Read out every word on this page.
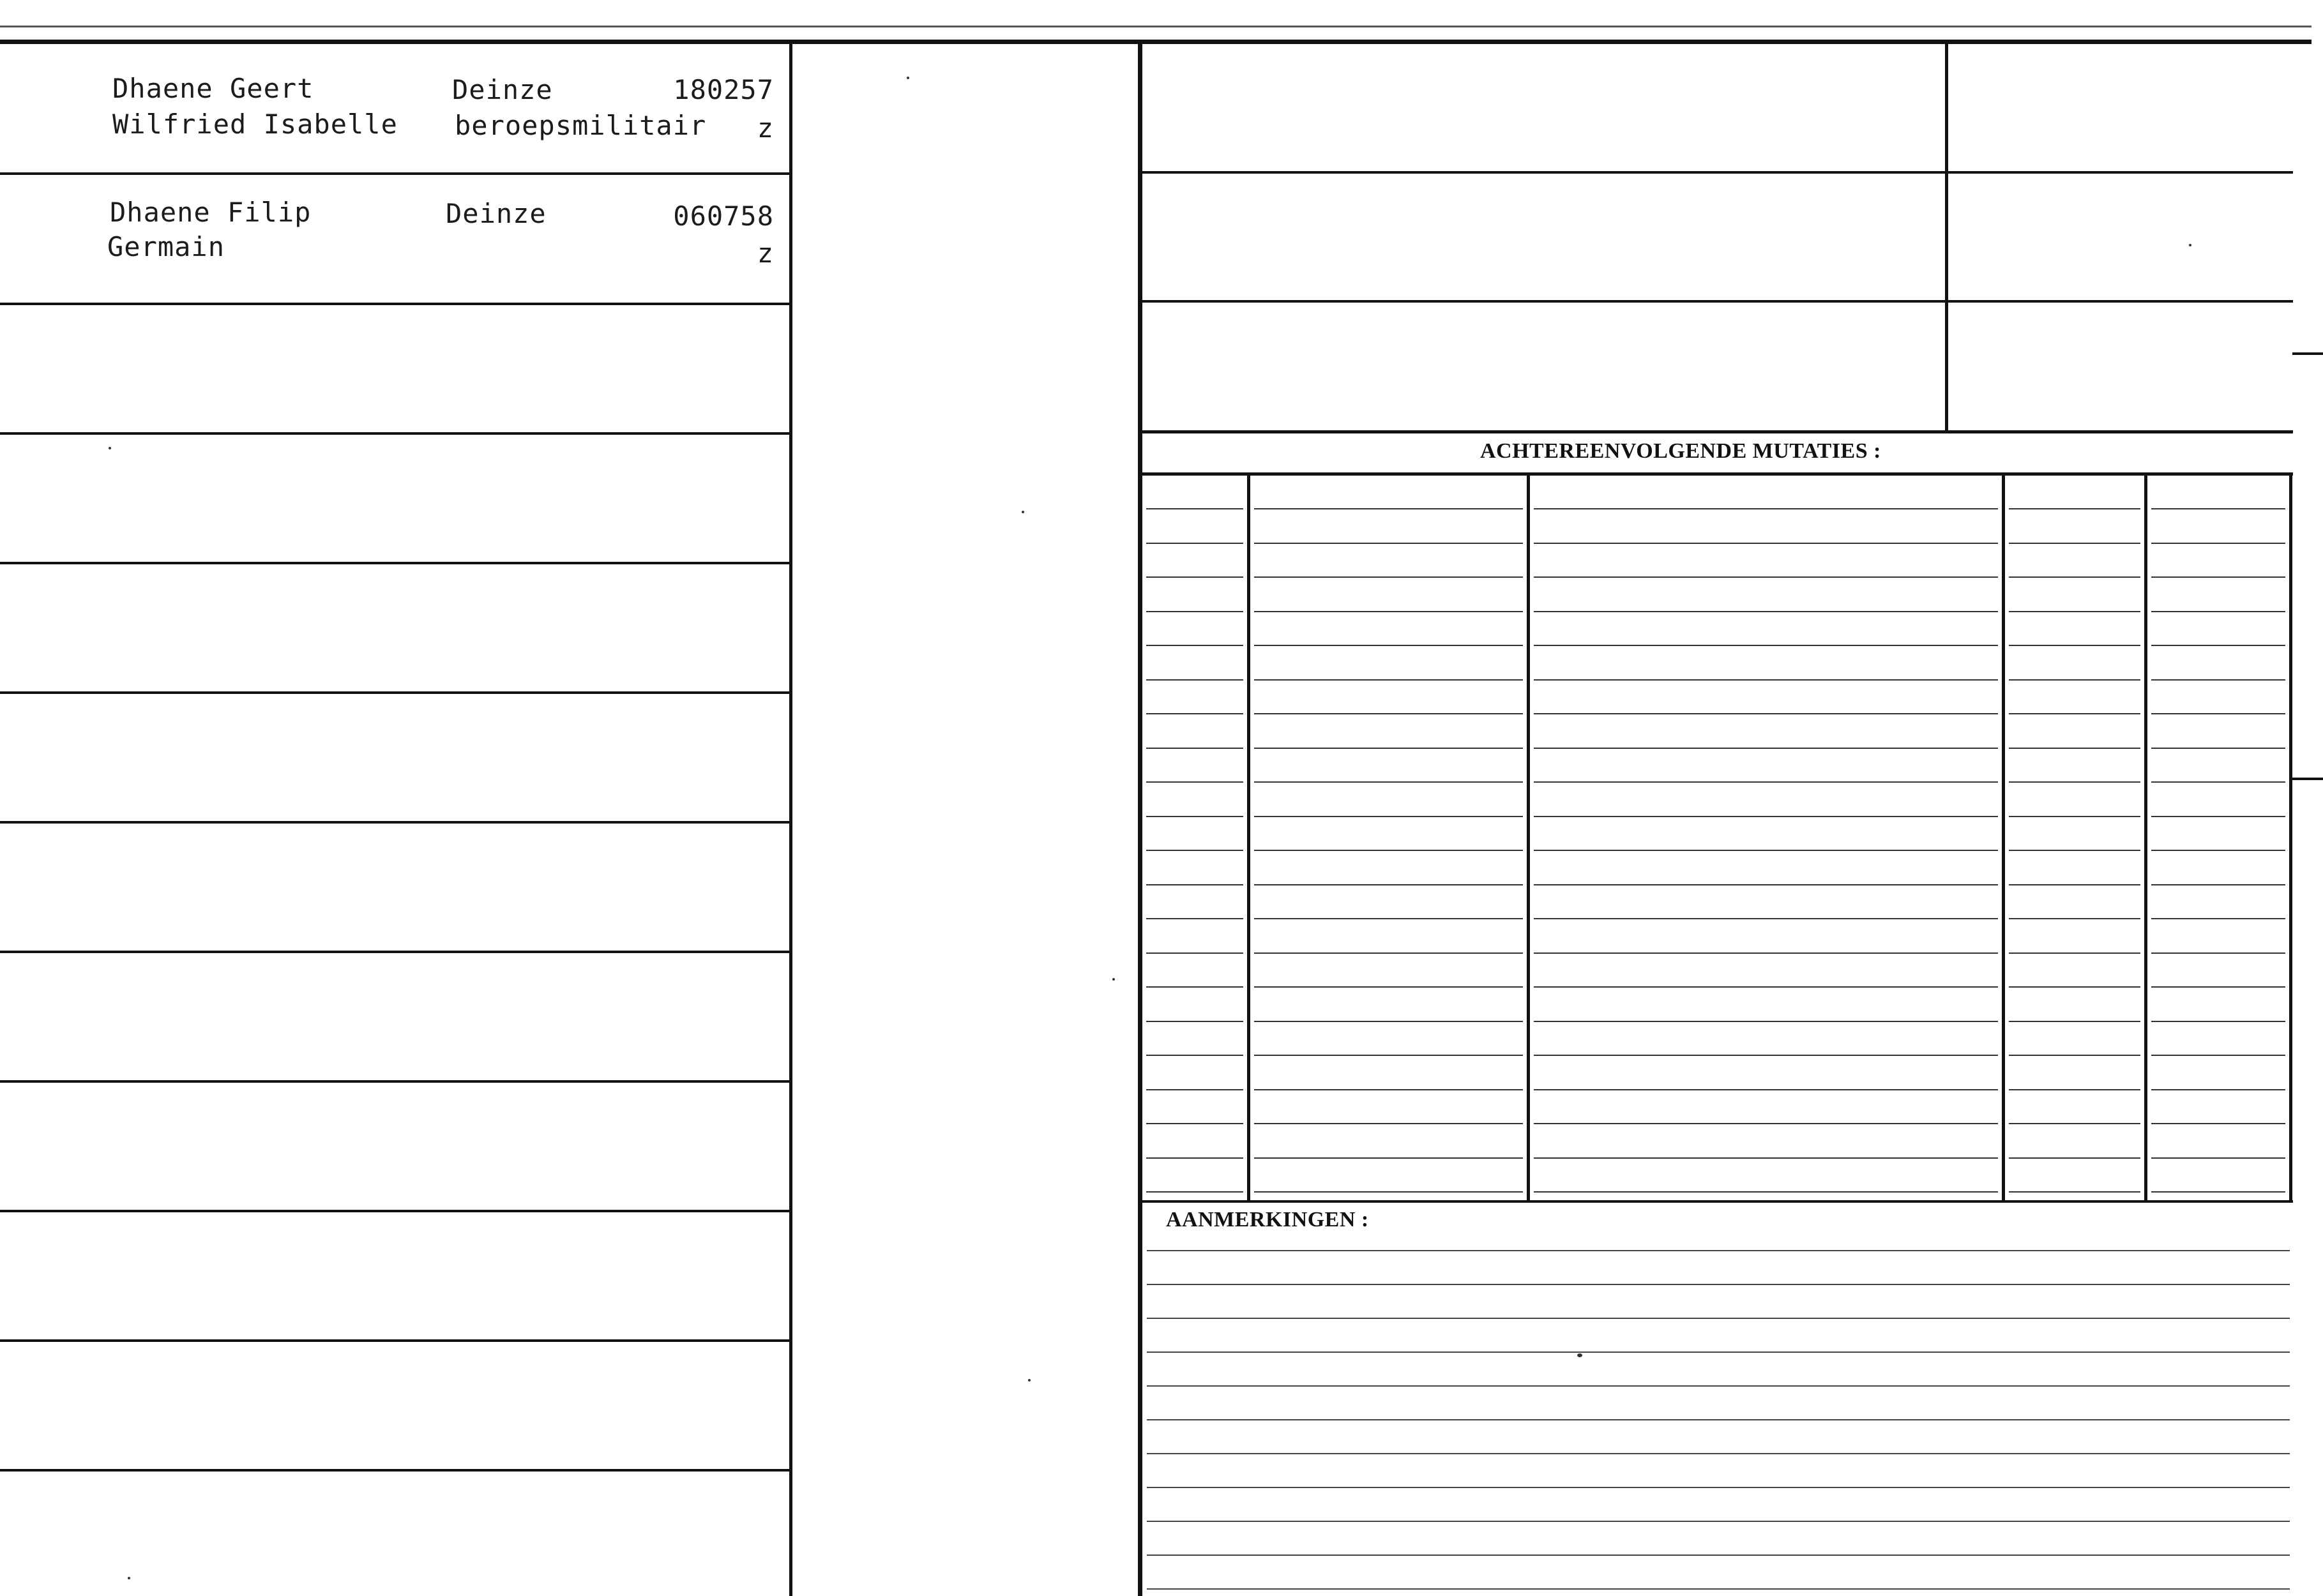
Dhaene Geert
Wilfried Isabelle
Deinze
beroepsmilitair
180257
z
Dhaene Filip
Germain
Deinze	060758
z
ACHTEREENVOLGENDE MUTATIES :
AANMERKINGEN :
